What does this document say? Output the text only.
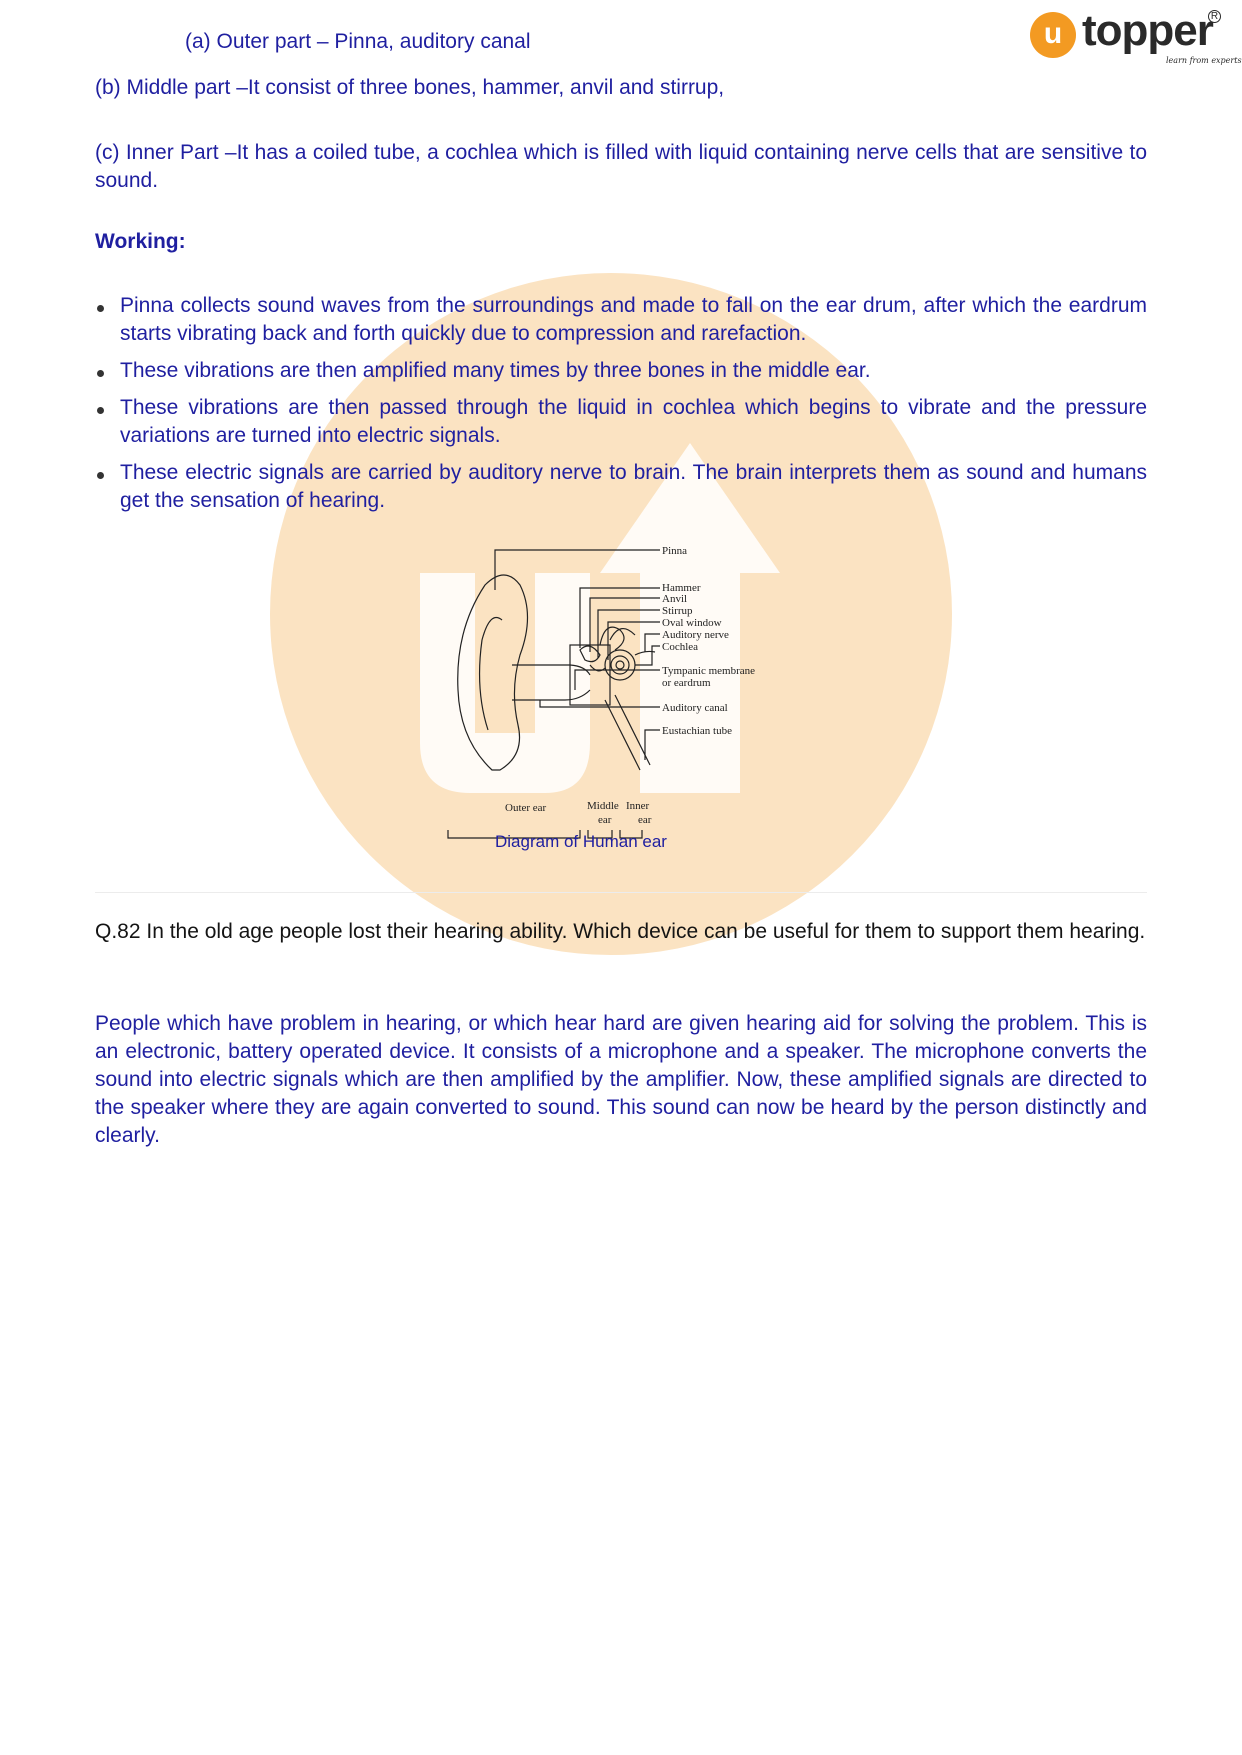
u topper
R
learn from experts
(a) Outer part – Pinna, auditory canal

(b) Middle part –It consist of three bones, hammer, anvil and stirrup,

(c) Inner Part –It has a coiled tube, a cochlea which is filled with liquid containing nerve cells that are sensitive to sound.

Working:

Pinna collects sound waves from the surroundings and made to fall on the ear drum, after which the eardrum starts vibrating back and forth quickly due to compression and rarefaction.
These vibrations are then amplified many times by three bones in the middle ear.
These vibrations are then passed through the liquid in cochlea which begins to vibrate and the pressure variations are turned into electric signals.
These electric signals are carried by auditory nerve to brain. The brain interprets them as sound and humans get the sensation of hearing.

Q.82 In the old age people lost their hearing ability. Which device can be useful for them to support them hearing.

People which have problem in hearing, or which hear hard are given hearing aid for solving the problem. This is an electronic, battery operated device. It consists of a microphone and a speaker. The microphone converts the sound into electric signals which are then amplified by the amplifier. Now, these amplified signals are directed to the speaker where they are again converted to sound. This sound can now be heard by the person distinctly and clearly.

Pinna
Hammer
Anvil
Stirrup
Oval window
Auditory nerve
Cochlea
Tympanic membrane
or eardrum
Auditory canal
Eustachian tube
Outer ear	Middle
ear
Inner
ear
Diagram of Human ear
